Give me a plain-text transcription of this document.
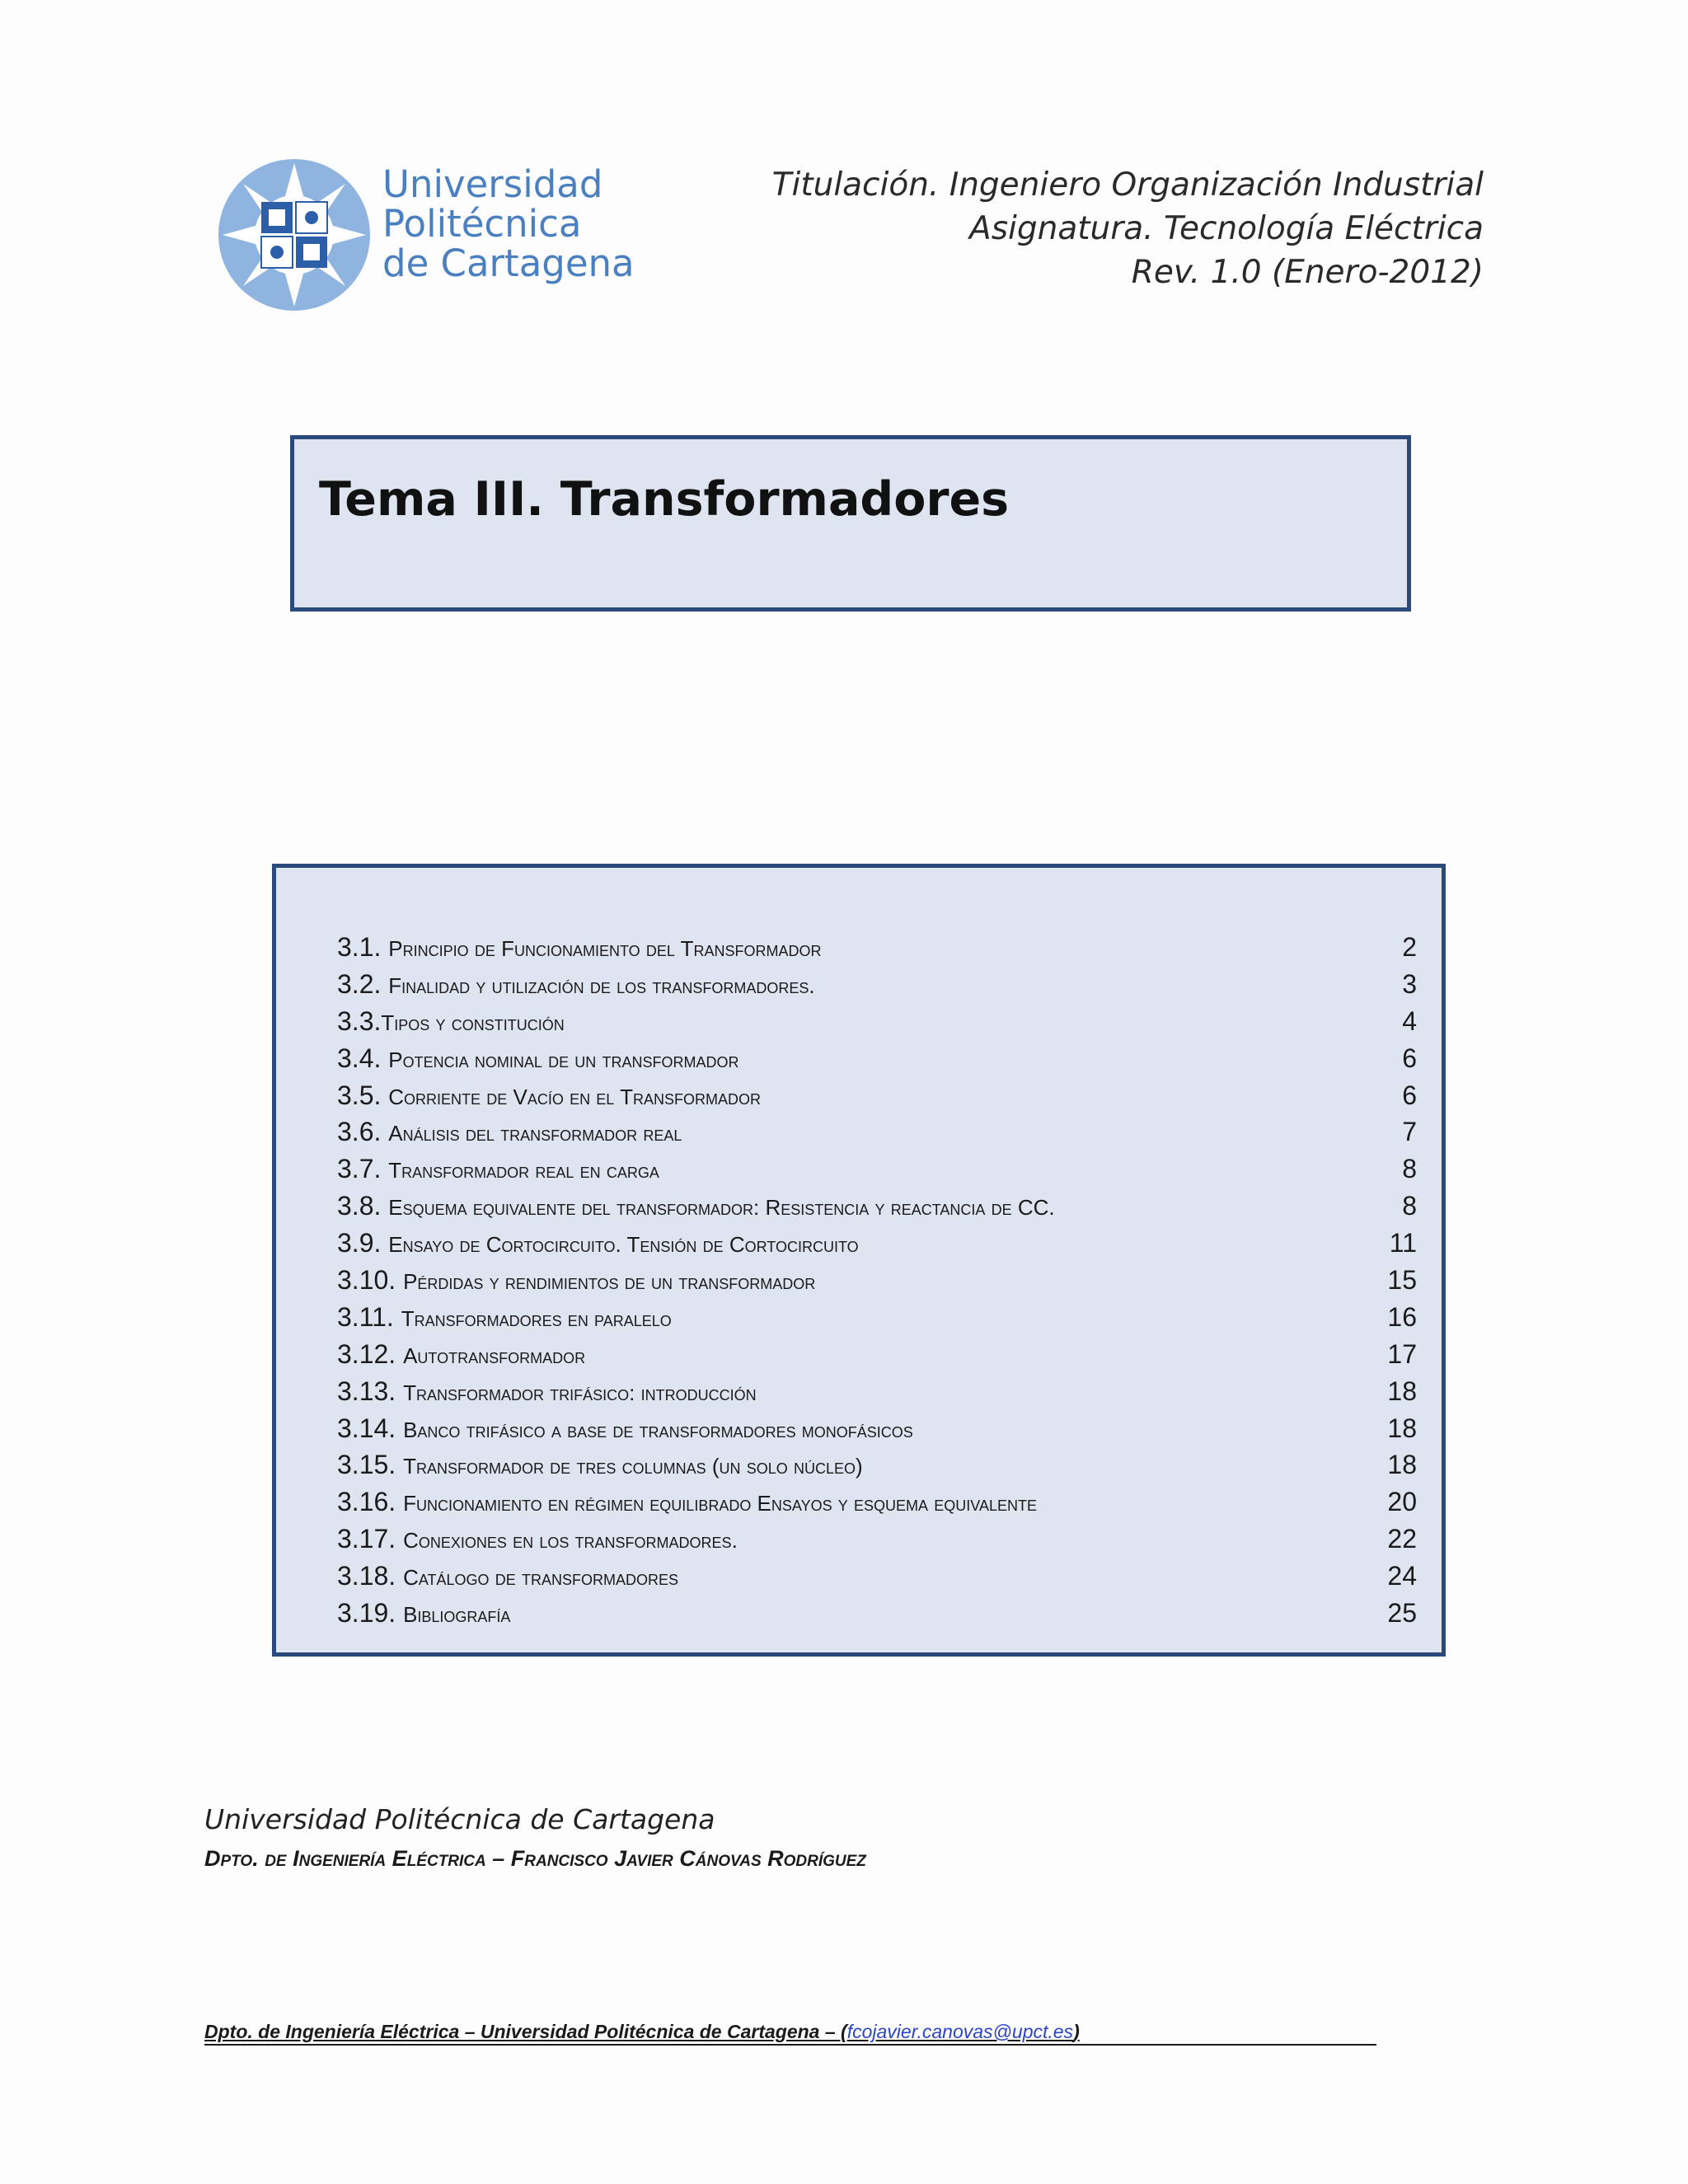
Universidad
Politécnica
de Cartagena
Titulación. Ingeniero Organización Industrial
Asignatura. Tecnología Eléctrica
Rev. 1.0 (Enero-2012)
Tema III. Transformadores
3.1. Principio de Funcionamiento del Transformador	2
3.2. Finalidad y utilización de los transformadores.	3
3.3.Tipos y constitución	4
3.4. Potencia nominal de un transformador	6
3.5. Corriente de Vacío en el Transformador	6
3.6. Análisis del transformador real	7
3.7. Transformador real en carga	8
3.8. Esquema equivalente del transformador: Resistencia y reactancia de CC.	8
3.9. Ensayo de Cortocircuito. Tensión de Cortocircuito	11
3.10. Pérdidas y rendimientos de un transformador	15
3.11. Transformadores en paralelo	16
3.12. Autotransformador	17
3.13. Transformador trifásico: introducción	18
3.14. Banco trifásico a base de transformadores monofásicos	18
3.15. Transformador de tres columnas (un solo núcleo)	18
3.16. Funcionamiento en régimen equilibrado Ensayos y esquema equivalente	20
3.17. Conexiones en los transformadores.	22
3.18. Catálogo de transformadores	24
3.19. Bibliografía	25
Universidad Politécnica de Cartagena
Dpto. de Ingeniería Eléctrica – Francisco Javier Cánovas Rodríguez
Dpto. de Ingeniería Eléctrica – Universidad Politécnica de Cartagena – (fcojavier.canovas@upct.es)
